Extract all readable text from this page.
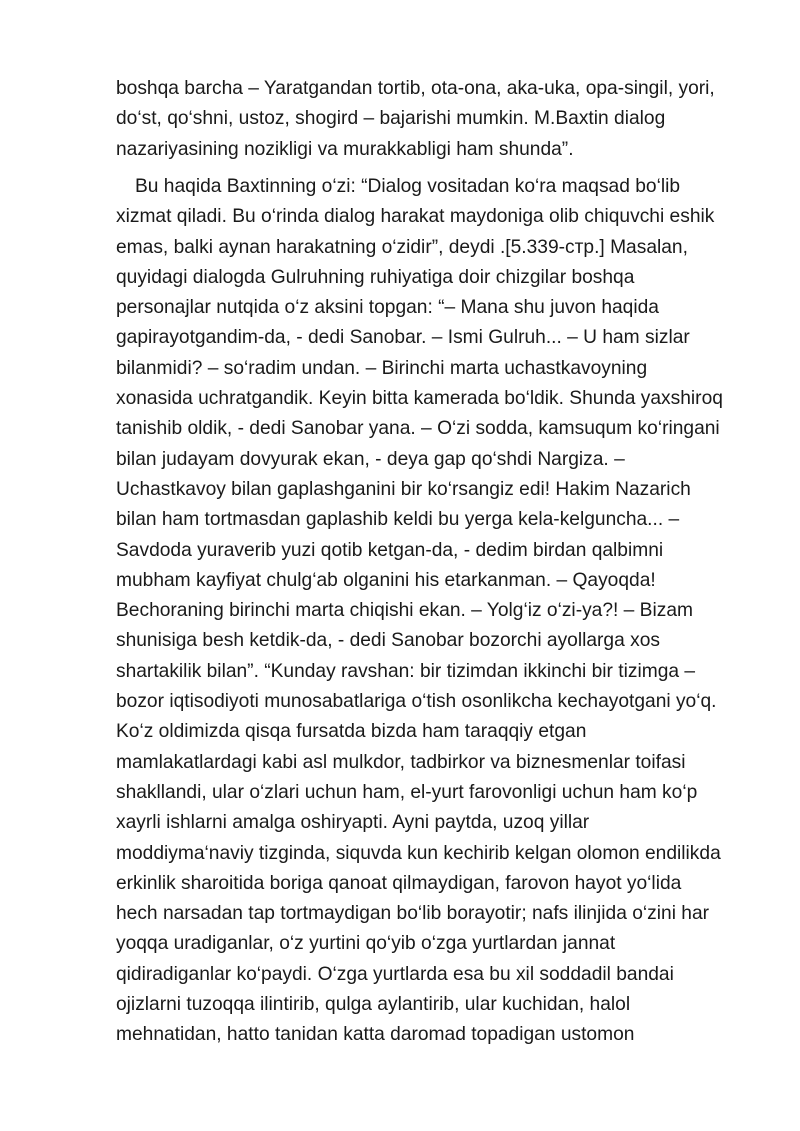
boshqa barcha – Yaratgandan tortib, ota-ona, aka-uka, opa-singil, yori,
do‘st, qo‘shni, ustoz, shogird – bajarishi mumkin. M.Baxtin dialog
nazariyasining nozikligi va murakkabligi ham shunda”.
Bu haqida Baxtinning o‘zi: “Dialog vositadan ko‘ra maqsad bo‘lib
xizmat qiladi. Bu o‘rinda dialog harakat maydoniga olib chiquvchi eshik
emas, balki aynan harakatning o‘zidir”, deydi .[5.339-стр.] Masalan,
quyidagi dialogda Gulruhning ruhiyatiga doir chizgilar boshqa
personajlar nutqida o‘z aksini topgan: “– Mana shu juvon haqida
gapirayotgandim-da, - dedi Sanobar. – Ismi Gulruh... – U ham sizlar
bilanmidi? – so‘radim undan. – Birinchi marta uchastkavoyning
xonasida uchratgandik. Keyin bitta kamerada bo‘ldik. Shunda yaxshiroq
tanishib oldik, - dedi Sanobar yana. – O‘zi sodda, kamsuqum ko‘ringani
bilan judayam dovyurak ekan, - deya gap qo‘shdi Nargiza. –
Uchastkavoy bilan gaplashganini bir ko‘rsangiz edi! Hakim Nazarich
bilan ham tortmasdan gaplashib keldi bu yerga kela-kelguncha... –
Savdoda yuraverib yuzi qotib ketgan-da, - dedim birdan qalbimni
mubham kayfiyat chulg‘ab olganini his etarkanman. – Qayoqda!
Bechoraning birinchi marta chiqishi ekan. – Yolg‘iz o‘zi-ya?! – Bizam
shunisiga besh ketdik-da, - dedi Sanobar bozorchi ayollarga xos
shartakilik bilan”. “Kunday ravshan: bir tizimdan ikkinchi bir tizimga –
bozor iqtisodiyoti munosabatlariga o‘tish osonlikcha kechayotgani yo‘q.
Ko‘z oldimizda qisqa fursatda bizda ham taraqqiy etgan
mamlakatlardagi kabi asl mulkdor, tadbirkor va biznesmenlar toifasi
shakllandi, ular o‘zlari uchun ham, el-yurt farovonligi uchun ham ko‘p
xayrli ishlarni amalga oshiryapti. Ayni paytda, uzoq yillar
moddiyma‘naviy tizginda, siquvda kun kechirib kelgan olomon endilikda
erkinlik sharoitida boriga qanoat qilmaydigan, farovon hayot yo‘lida
hech narsadan tap tortmaydigan bo‘lib borayotir; nafs ilinjida o‘zini har
yoqqa uradiganlar, o‘z yurtini qo‘yib o‘zga yurtlardan jannat
qidiradiganlar ko‘paydi. O‘zga yurtlarda esa bu xil soddadil bandai
ojizlarni tuzoqqa ilintirib, qulga aylantirib, ular kuchidan, halol
mehnatidan, hatto tanidan katta daromad topadigan ustomon
